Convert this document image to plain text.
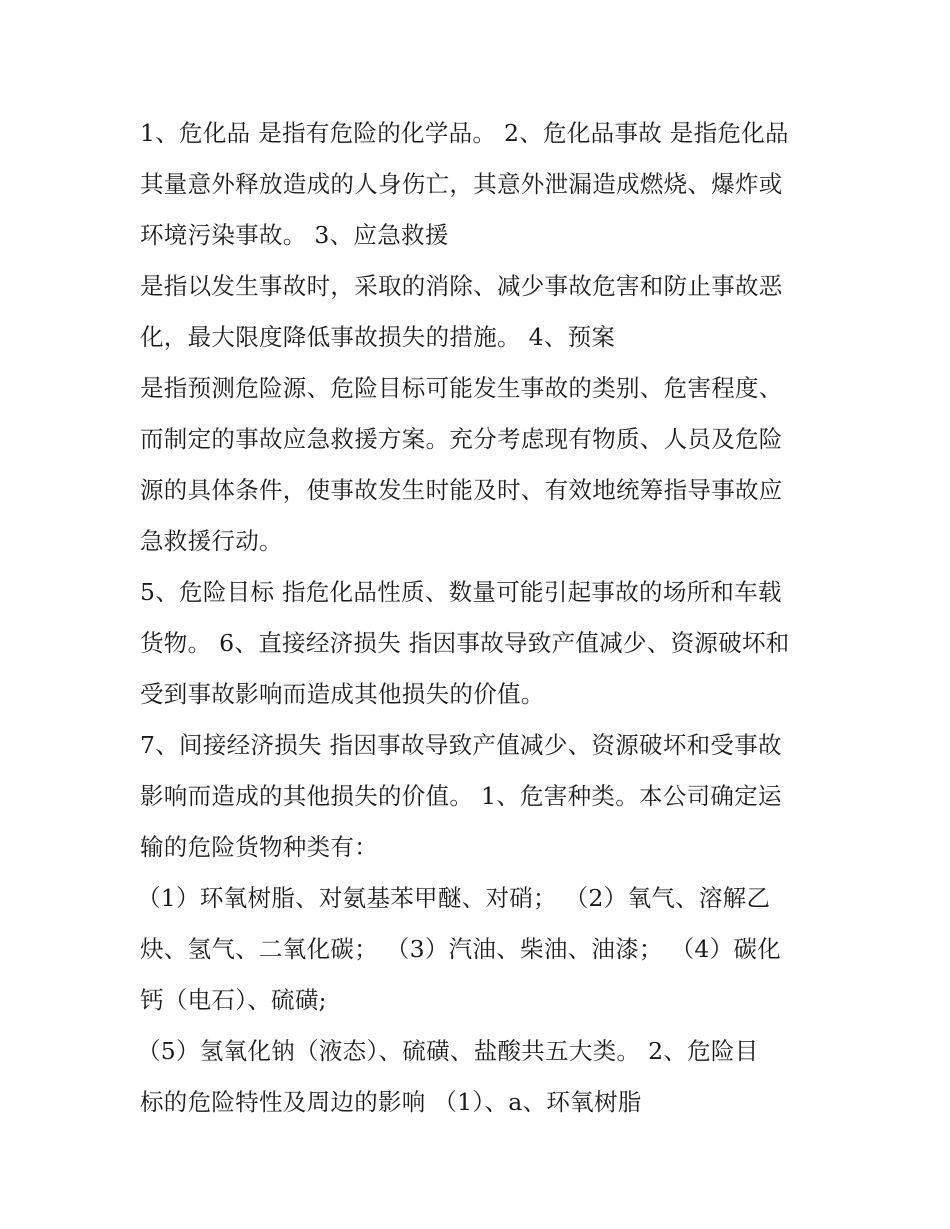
1、危化品 是指有危险的化学品。 2、危化品事故 是指危化品
其量意外释放造成的人身伤亡，其意外泄漏造成燃烧、爆炸或
环境污染事故。 3、应急救援
是指以发生事故时，采取的消除、减少事故危害和防止事故恶
化，最大限度降低事故损失的措施。 4、预案
是指预测危险源、危险目标可能发生事故的类别、危害程度、
而制定的事故应急救援方案。充分考虑现有物质、人员及危险
源的具体条件，使事故发生时能及时、有效地统筹指导事故应
急救援行动。
5、危险目标 指危化品性质、数量可能引起事故的场所和车载
货物。 6、直接经济损失 指因事故导致产值减少、资源破坏和
受到事故影响而造成其他损失的价值。
7、间接经济损失 指因事故导致产值减少、资源破坏和受事故
影响而造成的其他损失的价值。 1、危害种类。本公司确定运
输的危险货物种类有：
（1）环氧树脂、对氨基苯甲醚、对硝； （2）氧气、溶解乙
炔、氢气、二氧化碳； （3）汽油、柴油、油漆； （4）碳化
钙（电石）、硫磺;
（5）氢氧化钠（液态）、硫磺、盐酸共五大类。 2、危险目
标的危险特性及周边的影响 （1）、a、环氧树脂
